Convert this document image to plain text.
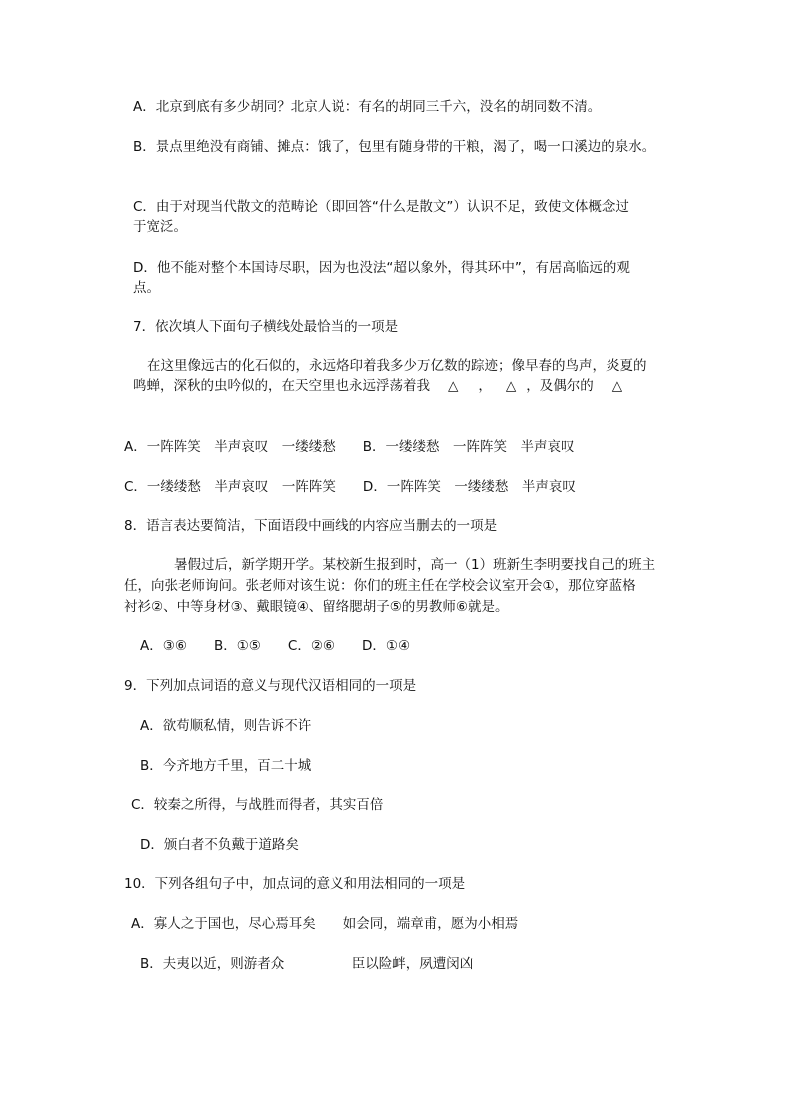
A．北京到底有多少胡同？北京人说：有名的胡同三千六，没名的胡同数不清。
B．景点里绝没有商铺、摊点：饿了，包里有随身带的干粮，渴了，喝一口溪边的泉水。
C．由于对现当代散文的范畴论（即回答“什么是散文”）认识不足，致使文体概念过
于宽泛。
D．他不能对整个本国诗尽职，因为也没法“超以象外，得其环中”，有居高临远的观
点。
7．依次填人下面句子横线处最恰当的一项是
在这里像远古的化石似的，永远烙印着我多少万亿数的踪迹；像早春的鸟声，炎夏的
鸣蝉，深秋的虫吟似的，在天空里也永远浮荡着我 △ ， △ ，及偶尔的 △
A．一阵阵笑　半声哀叹　一缕缕愁　　B．一缕缕愁　一阵阵笑　半声哀叹
C．一缕缕愁　半声哀叹　一阵阵笑　　D．一阵阵笑　一缕缕愁　半声哀叹
8．语言表达要简洁，下面语段中画线的内容应当删去的一项是
暑假过后，新学期开学。某校新生报到时，高一（1）班新生李明要找自己的班主
任，向张老师询问。张老师对该生说：你们的班主任在学校会议室开会①，那位穿蓝格
衬衫②、中等身材③、戴眼镜④、留络腮胡子⑤的男教师⑥就是。
A．③⑥　　B．①⑤　　C．②⑥　　D．①④
9．下列加点词语的意义与现代汉语相同的一项是
A．欲苟顺私情，则告诉不许
B．今齐地方千里，百二十城
C．较秦之所得，与战胜而得者，其实百倍
D．颁白者不负戴于道路矣
10．下列各组句子中，加点词的意义和用法相同的一项是
A．寡人之于国也，尽心焉耳矣　　如会同，端章甫，愿为小相焉
B．夫夷以近，则游者众　　　　　臣以险衅，夙遭闵凶
